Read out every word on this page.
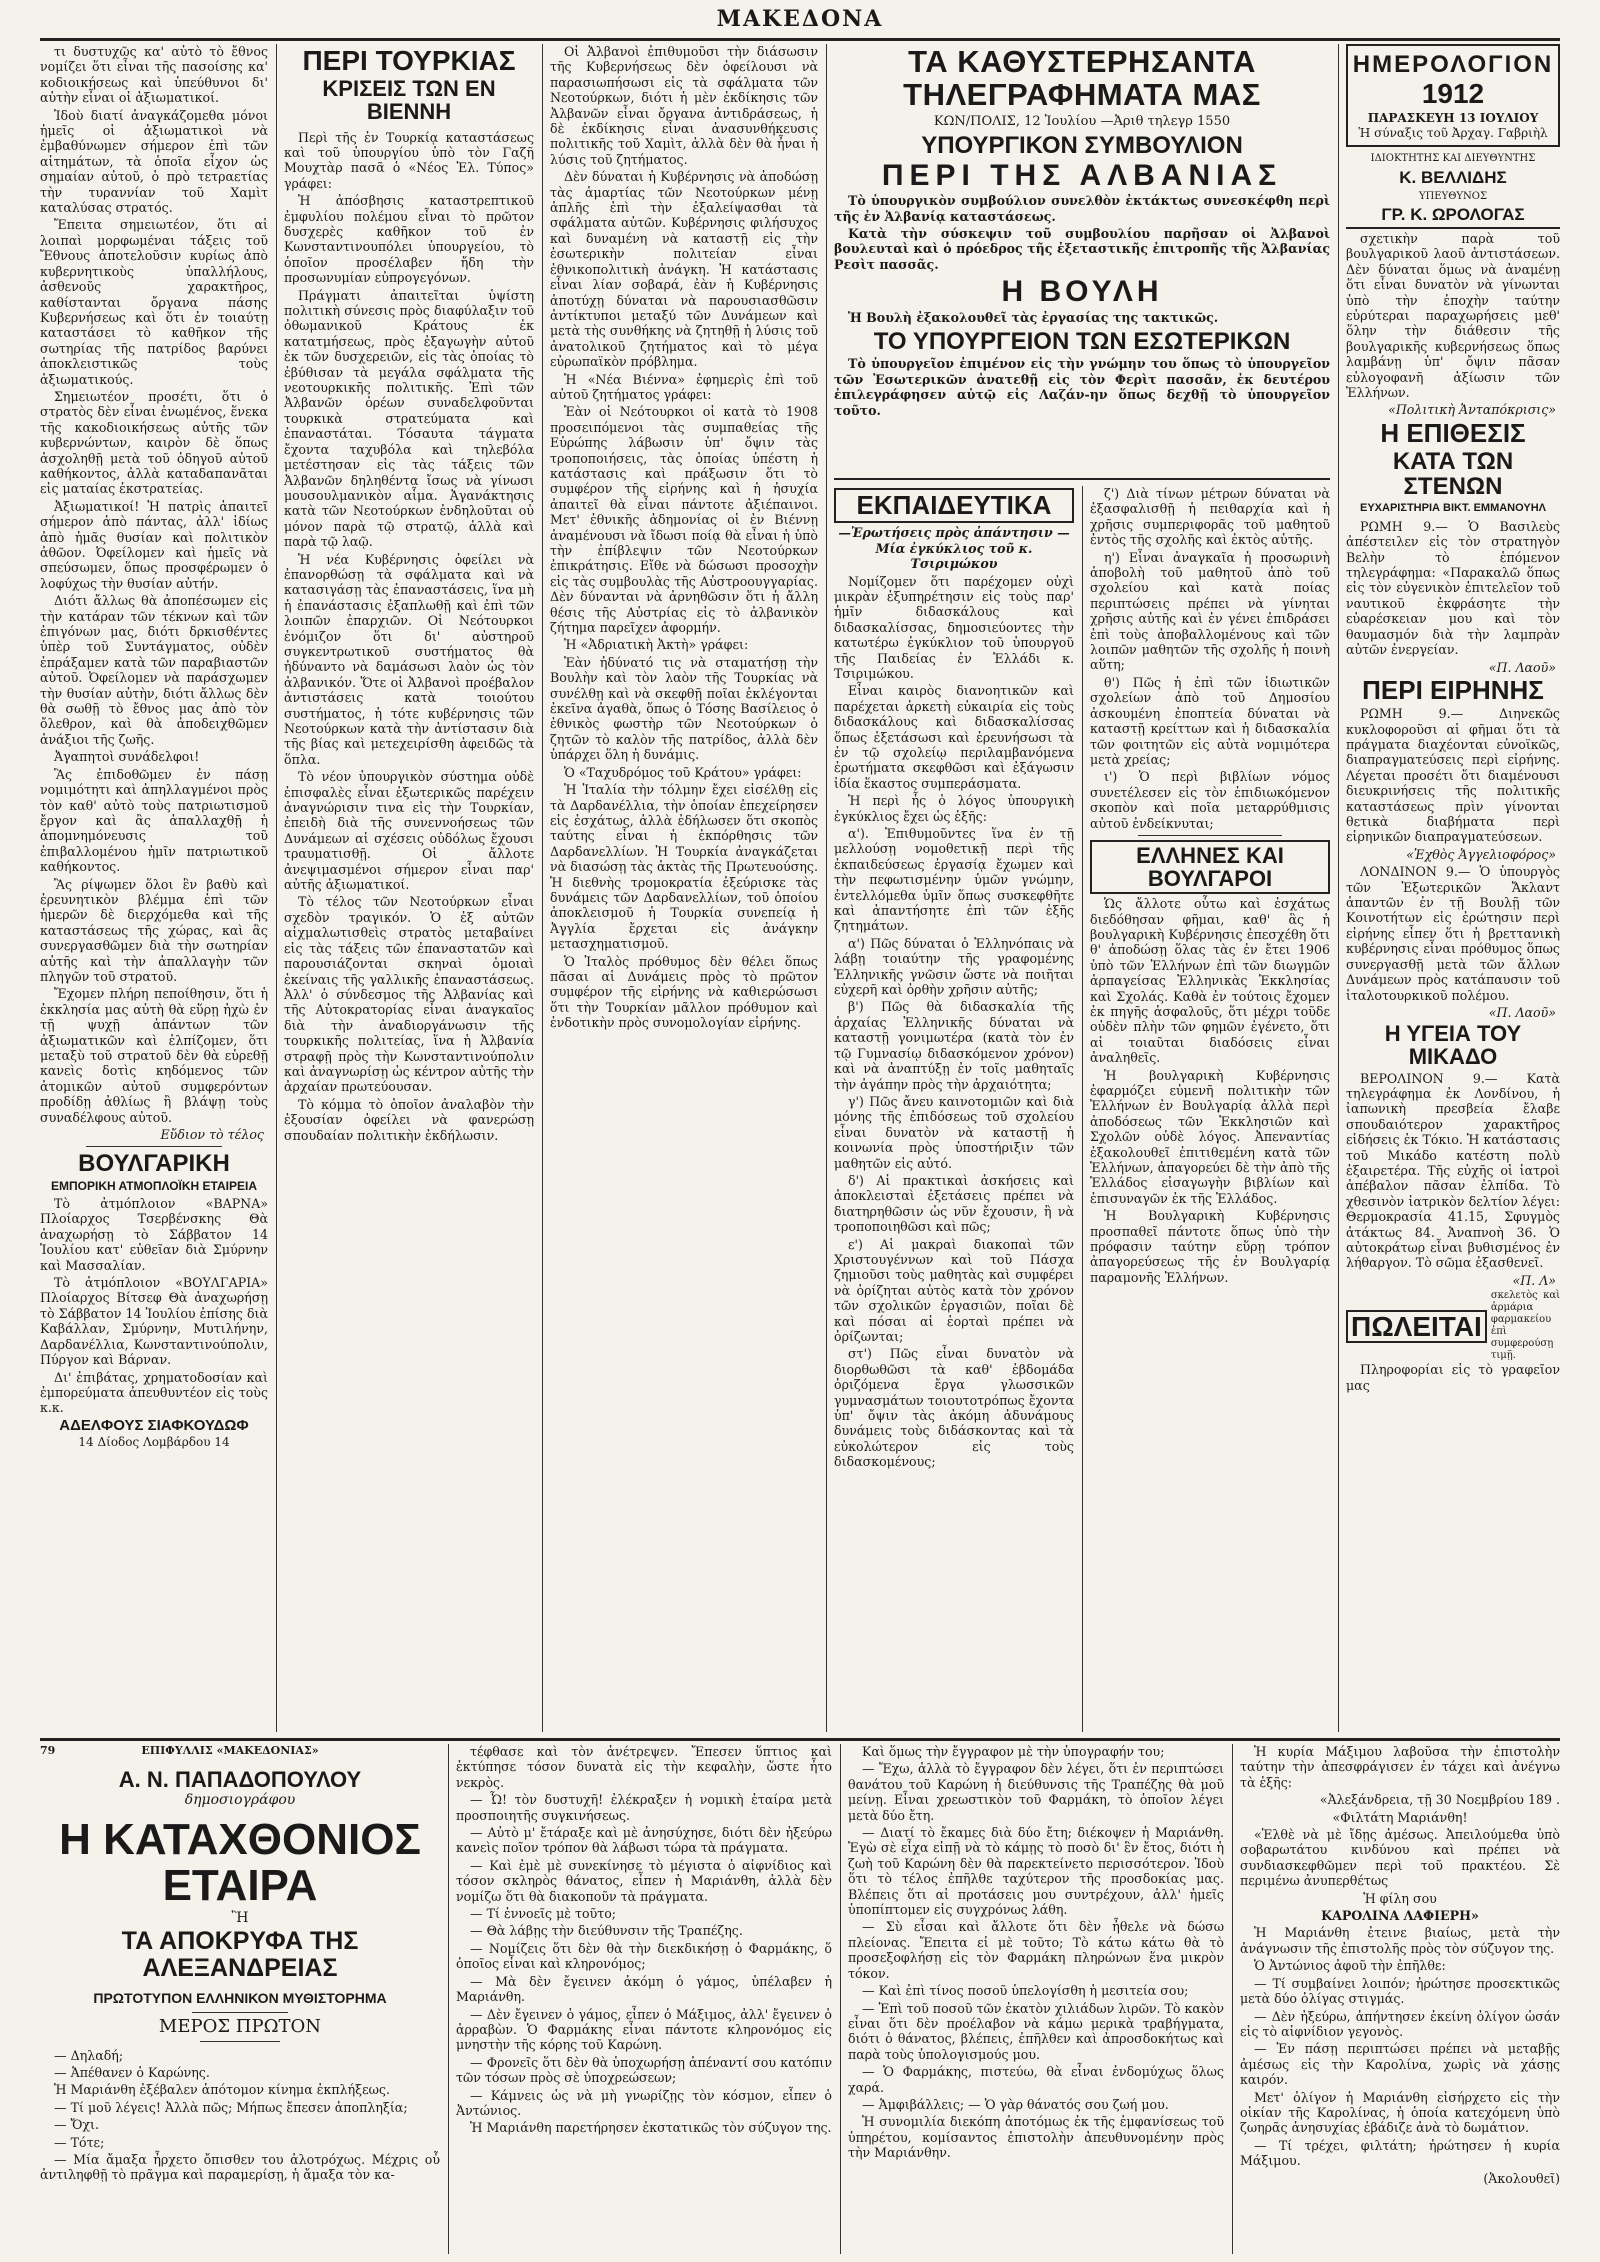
ΜΑΚΕΔΟΝΑ

τι δυστυχῶς κα' αὐτὸ τὸ ἔθνος νομίζει ὅτι εἶναι τῆς πασοίσης κα' κοδιοικήσεως καὶ ὑπεύθυνοι δι' αὐτὴν εἶναι οἱ ἀξιωματικοί.

Ἰδοὺ διατί ἀναγκάζομεθα μόνοι ἡμεῖς οἱ ἀξιωματικοὶ νὰ ἐμβαθύνωμεν σήμερον ἐπὶ τῶν αἰτημάτων, τὰ ὁποῖα εἶχον ὡς σημαίαν αὐτοῦ, ὁ πρὸ τετραετίας τὴν τυραννίαν τοῦ Χαμὶτ καταλύσας στρατός.

Ἔπειτα σημειωτέον, ὅτι αἱ λοιπαὶ μορφωμέναι τάξεις τοῦ Ἔθνους ἀποτελοῦσιν κυρίως ἀπὸ κυβερνητικοὺς ὑπαλλήλους, ἀσθενοῦς χαρακτῆρος, καθίστανται ὄργανα πάσης Κυβερνήσεως καὶ ὅτι ἐν τοιαύτῃ καταστάσει τὸ καθῆκον τῆς σωτηρίας τῆς πατρίδος βαρύνει ἀποκλειστικῶς τοὺς ἀξιωματικούς.

Σημειωτέον προσέτι, ὅτι ὁ στρατὸς δὲν εἶναι ἐνωμένος, ἕνεκα τῆς κακοδιοικήσεως αὐτῆς τῶν κυβερνώντων, καιρὸν δὲ ὅπως ἀσχοληθῇ μετὰ τοῦ ὁδηγοῦ αὐτοῦ καθήκοντος, ἀλλὰ καταδαπανᾶται εἰς ματαίας ἐκστρατείας.

Ἀξιωματικοί! Ἡ πατρὶς ἀπαιτεῖ σήμερον ἀπὸ πάντας, ἀλλ' ἰδίως ἀπὸ ἡμᾶς θυσίαν καὶ πολιτικὸν ἀθῶον. Ὀφείλομεν καὶ ἡμεῖς νὰ σπεύσωμεν, ὅπως προσφέρωμεν ὁ λοφύχως τὴν θυσίαν αὐτήν.

Διότι ἄλλως θὰ ἀποπέσωμεν εἰς τὴν κατάραν τῶν τέκνων καὶ τῶν ἐπιγόνων μας, διότι δρκισθέντες ὑπὲρ τοῦ Συντάγματος, οὐδὲν ἐπράξαμεν κατὰ τῶν παραβιαστῶν αὐτοῦ. Ὀφείλομεν νὰ παράσχωμεν τὴν θυσίαν αὐτὴν, διότι ἄλλως δὲν θὰ σωθῇ τὸ ἔθνος μας ἀπὸ τὸν ὄλεθρον, καὶ θὰ ἀποδειχθῶμεν ἀνάξιοι τῆς ζωῆς.

Ἀγαπητοὶ συνάδελφοι!

Ἂς ἐπιδοθῶμεν ἐν πάσῃ νομιμότητι καὶ ἀπηλλαγμένοι πρὸς τὸν καθ' αὐτὸ τοὺς πατριωτισμοῦ ἔργον καὶ ἂς ἀπαλλαχθῇ ἡ ἀπομνημόνευσις τοῦ ἐπιβαλλομένου ἡμῖν πατριωτικοῦ καθήκοντος.

Ἂς ρίψωμεν ὅλοι ἓν βαθὺ καὶ ἐρευνητικὸν βλέμμα ἐπὶ τῶν ἡμερῶν δὲ διερχόμεθα καὶ τῆς καταστάσεως τῆς χώρας, καὶ ἂς συνεργασθῶμεν διὰ τὴν σωτηρίαν αὐτῆς καὶ τὴν ἀπαλλαγὴν τῶν πληγῶν τοῦ στρατοῦ.

Ἔχομεν πλήρη πεποίθησιν, ὅτι ἡ ἐκκλησία μας αὐτὴ θὰ εὕρῃ ἠχὼ ἐν τῇ ψυχῇ ἁπάντων τῶν ἀξιωματικῶν καὶ ἐλπίζομεν, ὅτι μεταξὺ τοῦ στρατοῦ δὲν θὰ εὑρεθῇ κανεὶς δοτὶς κηδόμενος τῶν ἀτομικῶν αὐτοῦ συμφερόντων προδίδῃ ἀθλίως ἢ βλάψῃ τοὺς συναδέλφους αὐτοῦ.

Εὔδιον τὸ τέλος
ΒΟΥΛΓΑΡΙΚΗ
ΕΜΠΟΡΙΚΗ ΑΤΜΟΠΛΟΪΚΗ ΕΤΑΙΡΕΙΑ

Τὸ ἀτμόπλοιον «ΒΑΡΝΑ» Πλοίαρχος Τσερβένσκης Θὰ ἀναχωρήσῃ τὸ Σάββατον 14 Ἰουλίου κατ' εὐθεῖαν διὰ Σμύρνην καὶ Μασσαλίαν.

Τὸ ἀτμόπλοιον «ΒΟΥΛΓΑΡΙΑ» Πλοίαρχος Βίτσεφ Θὰ ἀναχωρήσῃ τὸ Σάββατον 14 Ἰουλίου ἐπίσης διὰ Καβάλλαν, Σμύρνην, Μυτιλήνην, Δαρδανέλλια, Κωνσταντινούπολιν, Πύργον καὶ Βάρναν.

Δι' ἐπιβάτας, χρηματοδοσίαν καὶ ἐμπορεύματα ἀπευθυντέον εἰς τοὺς κ.κ.

ΑΔΕΛΦΟΥΣ ΣΙΑΦΚΟΥΔΩΦ
14 Δίοδος Λομβάρδου 14
ΠΕΡΙ ΤΟΥΡΚΙΑΣ
ΚΡΙΣΕΙΣ ΤΩΝ ΕΝ ΒΙΕΝΝΗ

Περὶ τῆς ἐν Τουρκίᾳ καταστάσεως καὶ τοῦ ὑπουργίου ὑπὸ τὸν Γαζῆ Μουχτὰρ πασᾶ ὁ «Νέος Ἐλ. Τύπος» γράφει:

Ἡ ἀπόσβησις καταστρεπτικοῦ ἐμφυλίου πολέμου εἶναι τὸ πρῶτον δυσχερὲς καθῆκον τοῦ ἐν Κωνσταντινουπόλει ὑπουργείου, τὸ ὁποῖον προσέλαβεν ἤδη τὴν προσωνυμίαν εὐπρογεγόνων.

Πράγματι ἀπαιτεῖται ὑψίστη πολιτικὴ σύνεσις πρὸς διαφύλαξιν τοῦ ὀθωμανικοῦ Κράτους ἐκ κατατμήσεως, πρὸς ἐξαγωγὴν αὐτοῦ ἐκ τῶν δυσχερειῶν, εἰς τὰς ὁποίας τὸ ἐβύθισαν τὰ μεγάλα σφάλματα τῆς νεοτουρκικῆς πολιτικῆς. Ἐπὶ τῶν Ἀλβανῶν ὁρέων συναδελφοῦνται τουρκικὰ στρατεύματα καὶ ἐπαναστάται. Τόσαυτα τάγματα ἔχοντα ταχυβόλα καὶ τηλεβόλα μετέστησαν εἰς τὰς τάξεις τῶν Ἀλβανῶν δηληθέντα ἴσως νὰ γίνωσι μουσουλμανικὸν αἷμα. Ἀγανάκτησις κατὰ τῶν Νεοτούρκων ἐνδηλοῦται οὐ μόνον παρὰ τῷ στρατῷ, ἀλλὰ καὶ παρὰ τῷ λαῷ.

Ἡ νέα Κυβέρνησις ὀφείλει νὰ ἐπανορθώσῃ τὰ σφάλματα καὶ νὰ κατασιγάσῃ τὰς ἐπαναστάσεις, ἵνα μὴ ἡ ἐπανάστασις ἐξαπλωθῇ καὶ ἐπὶ τῶν λοιπῶν ἐπαρχιῶν. Οἱ Νεότουρκοι ἐνόμιζον ὅτι δι' αὐστηροῦ συγκεντρωτικοῦ συστήματος θὰ ἠδύναντο νὰ δαμάσωσι λαὸν ὡς τὸν ἀλβανικόν. Ὅτε οἱ Ἀλβανοὶ προέβαλον ἀντιστάσεις κατὰ τοιούτου συστήματος, ἡ τότε κυβέρνησις τῶν Νεοτούρκων κατὰ τὴν ἀντίστασιν διὰ τῆς βίας καὶ μετεχειρίσθη ἀφειδῶς τὰ ὅπλα.

Τὸ νέον ὑπουργικὸν σύστημα οὐδὲ ἐπισφαλὲς εἶναι ἐξωτερικῶς παρέχειν ἀναγνώρισιν τινα εἰς τὴν Τουρκίαν, ἐπειδὴ διὰ τῆς συνεννοήσεως τῶν Δυνάμεων αἱ σχέσεις οὐδόλως ἔχουσι τραυματισθῇ. Οἱ ἄλλοτε ἀνεψιμασμένοι σήμερον εἶναι παρ' αὐτῆς ἀξιωματικοί.

Τὸ τέλος τῶν Νεοτούρκων εἶναι σχεδὸν τραγικόν. Ὁ ἐξ αὐτῶν αἰχμαλωτισθεὶς στρατὸς μεταβαίνει εἰς τὰς τάξεις τῶν ἐπαναστατῶν καὶ παρουσιάζονται σκηναὶ ὁμοιαὶ ἐκείναις τῆς γαλλικῆς ἐπαναστάσεως. Ἀλλ' ὁ σύνδεσμος τῆς Ἀλβανίας καὶ τῆς Αὐτοκρατορίας εἶναι ἀναγκαῖος διὰ τὴν ἀναδιοργάνωσιν τῆς τουρκικῆς πολιτείας, ἵνα ἡ Ἀλβανία στραφῇ πρὸς τὴν Κωνσταντινούπολιν καὶ ἀναγνωρίσῃ ὡς κέντρον αὐτῆς τὴν ἀρχαίαν πρωτεύουσαν.

Τὸ κόμμα τὸ ὁποῖον ἀναλαβὸν τὴν ἐξουσίαν ὀφείλει νὰ φανερώσῃ σπουδαίαν πολιτικὴν ἐκδήλωσιν.

Οἱ Ἀλβανοὶ ἐπιθυμοῦσι τὴν διάσωσιν τῆς Κυβερνήσεως δὲν ὀφείλουσι νὰ παρασιωπήσωσι εἰς τὰ σφάλματα τῶν Νεοτούρκων, διότι ἡ μὲν ἐκδίκησις τῶν Ἀλβανῶν εἶναι ὄργανα ἀντιδράσεως, ἡ δὲ ἐκδίκησις εἶναι ἀνασυνθήκευσις πολιτικῆς τοῦ Χαμὶτ, ἀλλὰ δὲν θὰ ἦναι ἡ λύσις τοῦ ζητήματος.

Δὲν δύναται ἡ Κυβέρνησις νὰ ἀποδώσῃ τὰς ἁμαρτίας τῶν Νεοτούρκων μένῃ ἀπλῆς ἐπὶ τὴν ἐξαλείψασθαι τὰ σφάλματα αὐτῶν. Κυβέρνησις φιλήσυχος καὶ δυναμένη νὰ καταστῇ εἰς τὴν ἐσωτερικὴν πολιτείαν εἶναι ἐθνικοπολιτικὴ ἀνάγκη. Ἡ κατάστασις εἶναι λίαν σοβαρά, ἐὰν ἡ Κυβέρνησις ἀποτύχῃ δύναται νὰ παρουσιασθῶσιν ἀντίκτυποι μεταξύ τῶν Δυνάμεων καὶ μετὰ τὴς συνθήκης νὰ ζητηθῇ ἡ λύσις τοῦ ἀνατολικοῦ ζητήματος καὶ τὸ μέγα εὐρωπαϊκὸν πρόβλημα.

Ἡ «Νέα Βιέννα» ἐφημερὶς ἐπὶ τοῦ αὐτοῦ ζητήματος γράφει:

Ἐὰν οἱ Νεότουρκοι οἱ κατὰ τὸ 1908 προσειπόμενοι τὰς συμπαθείας τῆς Εὐρώπης λάβωσιν ὑπ' ὄψιν τὰς τροποποιήσεις, τὰς ὁποίας ὑπέστη ἡ κατάστασις καὶ πράξωσιν ὅτι τὸ συμφέρον τῆς εἰρήνης καὶ ἡ ἡσυχία ἀπαιτεῖ θὰ εἶναι πάντοτε ἀξιέπαινοι. Μετ' ἐθνικῆς ἀδημονίας οἱ ἐν Βιέννῃ ἀναμένουσι νὰ ἴδωσι ποίᾳ θὰ εἶναι ἡ ὑπὸ τὴν ἐπίβλεψιν τῶν Νεοτούρκων ἐπικράτησις. Εἴθε νὰ δώσωσι προσοχὴν εἰς τὰς συμβουλὰς τῆς Αὐστροουγγαρίας. Δὲν δύνανται νὰ ἀρνηθῶσιν ὅτι ἡ ἄλλη θέσις τῆς Αὐστρίας εἰς τὸ ἀλβανικὸν ζήτημα παρεῖχεν ἀφορμήν.

Ἡ «Ἀδριατικὴ Ἀκτὴ» γράφει:

Ἐὰν ἠδύνατό τις νὰ σταματήσῃ τὴν Βουλὴν καὶ τὸν λαὸν τῆς Τουρκίας νὰ συνέλθῃ καὶ νὰ σκεφθῇ ποῖαι ἐκλέγονται ἐκεῖνα ἀγαθὰ, ὅπως ὁ Τόσης Βασίλειος ὁ ἐθνικὸς φωστὴρ τῶν Νεοτούρκων ὁ ζητῶν τὸ καλὸν τῆς πατρίδος, ἀλλὰ δὲν ὑπάρχει ὅλη ἡ δυνάμις.

Ὁ «Ταχυδρόμος τοῦ Κράτου» γράφει:

Ἡ Ἰταλία τὴν τόλμην ἔχει εἰσέλθῃ εἰς τὰ Δαρδανέλλια, τὴν ὁποίαν ἐπεχείρησεν εἰς ἐσχάτως, ἀλλὰ ἐδήλωσεν ὅτι σκοπὸς ταύτης εἶναι ἡ ἐκπόρθησις τῶν Δαρδανελλίων. Ἡ Τουρκία ἀναγκάζεται νὰ διασώσῃ τὰς ἀκτὰς τῆς Πρωτευούσης. Ἡ διεθνὴς τρομοκρατία ἐξεύρισκε τὰς δυνάμεις τῶν Δαρδανελλίων, τοῦ ὁποίου ἀποκλεισμοῦ ἡ Τουρκία συνεπείᾳ ἡ Ἀγγλία ἔρχεται εἰς ἀνάγκην μετασχηματισμοῦ.

Ὁ Ἰταλὸς πρόθυμος δὲν θέλει ὅπως πᾶσαι αἱ Δυνάμεις πρὸς τὸ πρῶτον συμφέρον τῆς εἰρήνης νὰ καθιερώσωσι ὅτι τὴν Τουρκίαν μᾶλλον πρόθυμον καὶ ἐνδοτικὴν πρὸς συνομολογίαν εἰρήνης.

ΤΑ ΚΑΘΥΣΤΕΡΗΣΑΝΤΑ ΤΗΛΕΓΡΑΦΗΜΑΤΑ ΜΑΣ
ΚΩΝ/ΠΟΛΙΣ, 12 Ἰουλίου —Ἀριθ τηλεγρ 1550
ΥΠΟΥΡΓΙΚΟΝ ΣΥΜΒΟΥΛΙΟΝ
ΠΕΡΙ ΤΗΣ ΑΛΒΑΝΙΑΣ

Τὸ ὑπουργικὸν συμβούλιον συνελθὸν ἐκτάκτως συνεσκέφθη περὶ τῆς ἐν Ἀλβανίᾳ καταστάσεως.

Κατὰ τὴν σύσκεψιν τοῦ συμβουλίου παρῆσαν οἱ Ἀλβανοὶ βουλευταὶ καὶ ὁ πρόεδρος τῆς ἐξεταστικῆς ἐπιτροπῆς τῆς Ἀλβανίας Ρεσὶτ πασσᾶς.

Η ΒΟΥΛΗ

Ἡ Βουλὴ ἐξακολουθεῖ τὰς ἐργασίας της τακτικῶς.

ΤΟ ΥΠΟΥΡΓΕΙΟΝ ΤΩΝ ΕΣΩΤΕΡΙΚΩΝ

Τὸ ὑπουργεῖον ἐπιμένον εἰς τὴν γνώμην του ὅπως τὸ ὑπουργεῖον τῶν Ἐσωτερικῶν ἀνατεθῇ εἰς τὸν Φερὶτ πασσᾶν, ἐκ δευτέρου ἐπιλεγράφησεν αὐτῷ εἰς Λαζάν-ην ὅπως δεχθῇ τὸ ὑπουργεῖον τοῦτο.

ΕΚΠΑΙΔΕΥΤΙΚΑ
—Ἐρωτήσεις πρὸς ἀπάντησιν — Μία ἐγκύκλιος τοῦ κ. Τσιριμώκου

Νομίζομεν ὅτι παρέχομεν οὐχὶ μικρὰν ἐξυπηρέτησιν εἰς τοὺς παρ' ἡμῖν διδασκάλους καὶ διδασκαλίσσας, δημοσιεύοντες τὴν κατωτέρω ἐγκύκλιον τοῦ ὑπουργοῦ τῆς Παιδείας ἐν Ἑλλάδι κ. Τσιριμώκου.

Εἶναι καιρὸς διανοητικῶν καὶ παρέχεται ἀρκετὴ εὐκαιρία εἰς τοὺς διδασκάλους καὶ διδασκαλίσσας ὅπως ἐξετάσωσι καὶ ἐρευνήσωσι τὰ ἐν τῷ σχολείῳ περιλαμβανόμενα ἐρωτήματα σκεφθῶσι καὶ ἐξάγωσιν ἰδία ἕκαστος συμπεράσματα.

Ἡ περὶ ἧς ὁ λόγος ὑπουργικὴ ἐγκύκλιος ἔχει ὡς ἑξῆς:

α'). Ἐπιθυμοῦντες ἵνα ἐν τῇ μελλούσῃ νομοθετικῇ περὶ τῆς ἐκπαιδεύσεως ἐργασίᾳ ἔχωμεν καὶ τὴν πεφωτισμένην ὑμῶν γνώμην, ἐντελλόμεθα ὑμῖν ὅπως συσκεφθῆτε καὶ ἀπαντήσητε ἐπὶ τῶν ἑξῆς ζητημάτων.

α') Πῶς δύναται ὁ Ἑλληνόπαις νὰ λάβῃ τοιαύτην τῆς γραφομένης Ἑλληνικῆς γνῶσιν ὥστε νὰ ποιῆται εὐχερῆ καὶ ὀρθὴν χρῆσιν αὐτῆς;

β') Πῶς θὰ διδασκαλία τῆς ἀρχαίας Ἑλληνικῆς δύναται νὰ καταστῇ γονιμωτέρα (κατὰ τὸν ἐν τῷ Γυμνασίῳ διδασκόμενον χρόνον) καὶ νὰ ἀναπτύξῃ ἐν τοῖς μαθηταῖς τὴν ἀγάπην πρὸς τὴν ἀρχαιότητα;

γ') Πῶς ἄνευ καινοτομιῶν καὶ διὰ μόνης τῆς ἐπιδόσεως τοῦ σχολείου εἶναι δυνατὸν νὰ καταστῇ ἡ κοινωνία πρὸς ὑποστήριξιν τῶν μαθητῶν εἰς αὐτό.

δ') Αἱ πρακτικαὶ ἀσκήσεις καὶ ἀποκλεισταὶ ἐξετάσεις πρέπει νὰ διατηρηθῶσιν ὡς νῦν ἔχουσιν, ἢ νὰ τροποποιηθῶσι καὶ πῶς;

ε') Αἱ μακραὶ διακοπαὶ τῶν Χριστουγέννων καὶ τοῦ Πάσχα ζημιοῦσι τοὺς μαθητὰς καὶ συμφέρει νὰ ὁρίζηται αὐτὸς κατὰ τὸν χρόνον τῶν σχολικῶν ἐργασιῶν, ποῖαι δὲ καὶ πόσαι αἱ ἑορταὶ πρέπει νὰ ὁρίζωνται;

στ') Πῶς εἶναι δυνατὸν νὰ διορθωθῶσι τὰ καθ' ἑβδομάδα ὁριζόμενα ἔργα γλωσσικῶν γυμνασμάτων τοιουτοτρόπως ἔχοντα ὑπ' ὄψιν τὰς ἀκόμη ἀδυνάμους δυνάμεις τοὺς διδάσκοντας καὶ τὰ εὐκολώτερον εἰς τοὺς διδασκομένους;

ζ') Διὰ τίνων μέτρων δύναται νὰ ἐξασφαλισθῇ ἡ πειθαρχία καὶ ἡ χρῆσις συμπεριφορᾶς τοῦ μαθητοῦ ἐντὸς τῆς σχολῆς καὶ ἐκτὸς αὐτῆς.

η') Εἶναι ἀναγκαῖα ἡ προσωρινὴ ἀποβολὴ τοῦ μαθητοῦ ἀπὸ τοῦ σχολείου καὶ κατὰ ποίας περιπτώσεις πρέπει νὰ γίνηται χρῆσις αὐτῆς καὶ ἐν γένει ἐπιδράσει ἐπὶ τοὺς ἀποβαλλομένους καὶ τῶν λοιπῶν μαθητῶν τῆς σχολῆς ἡ ποινὴ αὕτη;

θ') Πῶς ἡ ἐπὶ τῶν ἰδιωτικῶν σχολείων ἀπὸ τοῦ Δημοσίου ἀσκουμένη ἐποπτεία δύναται νὰ καταστῇ κρείττων καὶ ἡ διδασκαλία τῶν φοιτητῶν εἰς αὐτὰ νομιμότερα μετὰ χρείας;

ι') Ὁ περὶ βιβλίων νόμος συνετέλεσεν εἰς τὸν ἐπιδιωκόμενον σκοπὸν καὶ ποῖα μεταρρύθμισις αὐτοῦ ἐνδείκνυται;

ΕΛΛΗΝΕΣ ΚΑΙ ΒΟΥΛΓΑΡΟΙ

Ὡς ἄλλοτε οὗτω καὶ ἐσχάτως διεδόθησαν φῆμαι, καθ' ἃς ἡ βουλγαρικὴ Κυβέρνησις ἐπεσχέθη ὅτι θ' ἀποδώσῃ ὅλας τὰς ἐν ἔτει 1906 ὑπὸ τῶν Ἑλλήνων ἐπὶ τῶν διωγμῶν ἁρπαγείσας Ἑλληνικὰς Ἐκκλησίας καὶ Σχολάς. Καθὰ ἐν τούτοις ἔχομεν ἐκ πηγῆς ἀσφαλοῦς, ὅτι μέχρι τοῦδε οὐδὲν πλὴν τῶν φημῶν ἐγένετο, ὅτι αἱ τοιαῦται διαδόσεις εἶναι ἀναληθεῖς.

Ἡ βουλγαρικὴ Κυβέρνησις ἐφαρμόζει εὐμενῆ πολιτικὴν τῶν Ἑλλήνων ἐν Βουλγαρίᾳ ἀλλὰ περὶ ἀποδόσεως τῶν Ἐκκλησιῶν καὶ Σχολῶν οὐδὲ λόγος. Ἀπεναντίας ἐξακολουθεῖ ἐπιτιθεμένη κατὰ τῶν Ἑλλήνων, ἀπαγορεύει δὲ τὴν ἀπὸ τῆς Ἐλλάδος εἰσαγωγὴν βιβλίων καὶ ἐπισυναγῶν ἐκ τῆς Ἑλλάδος.

Ἡ Βουλγαρικὴ Κυβέρνησις προσπαθεῖ πάντοτε ὅπως ὑπὸ τὴν πρόφασιν ταύτην εὕρῃ τρόπον ἀπαγορεύσεως τῆς ἐν Βουλγαρίᾳ παραμονῆς Ἑλλήνων.

ΗΜΕΡΟΛΟΓΙΟΝ
1912
ΠΑΡΑΣΚΕΥΗ 13 ΙΟΥΛΙΟΥ
Ἡ σύναξις τοῦ Ἀρχαγ. Γαβριὴλ
ΙΔΙΟΚΤΗΤΗΣ ΚΑΙ ΔΙΕΥΘΥΝΤΗΣ
Κ. ΒΕΛΛΙΔΗΣ
ΥΠΕΥΘΥΝΟΣ
ΓΡ. Κ. ΩΡΟΛΟΓΑΣ

σχετικὴν παρὰ τοῦ βουλγαρικοῦ λαοῦ ἀντιστάσεων. Δὲν δύναται ὅμως νὰ ἀναμένῃ ὅτι εἶναι δυνατὸν νὰ γίνωνται ὑπὸ τὴν ἐποχὴν ταύτην εὐρύτεραι παραχωρήσεις μεθ' ὅλην τὴν διάθεσιν τῆς βουλγαρικῆς κυβερνήσεως ὅπως λαμβάνῃ ὑπ' ὄψιν πᾶσαν εὐλογοφανῆ ἀξίωσιν τῶν Ἑλλήνων.

«Πολιτικὴ Ἀνταπόκρισις»
Η ΕΠΙΘΕΣΙΣ
ΚΑΤΑ ΤΩΝ ΣΤΕΝΩΝ
ΕΥΧΑΡΙΣΤΗΡΙΑ ΒΙΚΤ. ΕΜΜΑΝΟΥΗΛ

ΡΩΜΗ 9.— Ὁ Βασιλεὺς ἀπέστειλεν εἰς τὸν στρατηγὸν Βελὴν τὸ ἑπόμενον τηλεγράφημα: «Παρακαλῶ ὅπως εἰς τὸν εὐγενικὸν ἐπιτελεῖον τοῦ ναυτικοῦ ἐκφράσητε τὴν εὐαρέσκειαν μου καὶ τὸν θαυμασμόν διὰ τὴν λαμπρὰν αὐτῶν ἐνεργείαν.

«Π. Λαοῦ»
ΠΕΡΙ ΕΙΡΗΝΗΣ

ΡΩΜΗ 9.— Διηνεκῶς κυκλοφοροῦσι αἱ φῆμαι ὅτι τὰ πράγματα διαχέονται εὐνοϊκῶς, διαπραγματεύσεις περὶ εἰρήνης. Λέγεται προσέτι ὅτι διαμένουσι διευκρινήσεις τῆς πολιτικῆς καταστάσεως πρὶν γίνονται θετικὰ διαβήματα περὶ εἰρηνικῶν διαπραγματεύσεων.

«Ἐχθὸς Ἀγγελιοφόρος»

ΛΟΝΔΙΝΟΝ 9.— Ὁ ὑπουργὸς τῶν Ἐξωτερικῶν Ἄκλαντ ἀπαντῶν ἐν τῇ Βουλῇ τῶν Κοινοτήτων εἰς ἐρώτησιν περὶ εἰρήνης εἶπεν ὅτι ἡ βρεττανικὴ κυβέρνησις εἶναι πρόθυμος ὅπως συνεργασθῇ μετὰ τῶν ἄλλων Δυνάμεων πρὸς κατάπαυσιν τοῦ ἰταλοτουρκικοῦ πολέμου.

«Π. Λαοῦ»
Η ΥΓΕΙΑ ΤΟΥ ΜΙΚΑΔΟ

ΒΕΡΟΛΙΝΟΝ 9.— Κατὰ τηλεγράφημα ἐκ Λονδίνου, ἡ ἰαπωνικὴ πρεσβεία ἔλαβε σπουδαιότερον χαρακτῆρος εἰδήσεις ἐκ Τόκιο. Ἡ κατάστασις τοῦ Μικάδο κατέστη πολὺ ἐξαιρετέρα. Τῆς εὐχῆς οἱ ἰατροὶ ἀπέβαλον πᾶσαν ἐλπίδα. Τὸ χθεσινὸν ἰατρικὸν δελτίον λέγει: Θερμοκρασία 41.15, Σφυγμὸς ἀτάκτως 84. Ἀναπνοὴ 36. Ὁ αὐτοκράτωρ εἶναι βυθισμένος ἐν λήθαργον. Τὸ σῶμα ἐξασθενεῖ.

«Π. Λ»
ΠΩΛΕΙΤΑΙ
σκελετὸς καὶ ἀρμάρια φαρμακείου ἐπὶ συμφερούσῃ τιμῇ.

Πληροφορίαι εἰς τὸ γραφεῖον μας

79	ΕΠΙΦΥΛΛΙΣ «ΜΑΚΕΔΟΝΙΑΣ»
Α. Ν. ΠΑΠΑΔΟΠΟΥΛΟΥ
δημοσιογράφου
Η ΚΑΤΑΧΘΟΝΙΟΣ ΕΤΑΙΡΑ
Ἢ
ΤΑ ΑΠΟΚΡΥΦΑ ΤΗΣ ΑΛΕΞΑΝΔΡΕΙΑΣ
ΠΡΩΤΟΤΥΠΟΝ ΕΛΛΗΝΙΚΟΝ ΜΥΘΙΣΤΟΡΗΜΑ
ΜΕΡΟΣ ΠΡΩΤΟΝ

— Δηλαδή;

— Ἀπέθανεν ὁ Καρώνης.

Ἡ Μαριάνθη ἐξέβαλεν ἀπότομον κίνημα ἐκπλήξεως.

— Τί μοῦ λέγεις! Ἀλλὰ πῶς; Μήπως ἔπεσεν ἀποπληξία;

— Ὄχι.

— Τότε;

— Μία ἄμαξα ἦρχετο ὄπισθεν του ἀλοτρόχως. Μέχρις οὗ ἀντιληφθῇ τὸ πρᾶγμα καὶ παραμερίσῃ, ἡ ἄμαξα τὸν κα-

τέφθασε καὶ τὸν ἀνέτρεψεν. Ἔπεσεν ὕπτιος καὶ ἐκτύπησε τόσον δυνατὰ εἰς τὴν κεφαλὴν, ὥστε ἦτο νεκρὸς.

— Ὦ! τὸν δυστυχῆ! ἐλέκραξεν ἡ νομικὴ ἑταίρα μετὰ προσποιητῆς συγκινήσεως.

— Αὐτὸ μ' ἔτάραξε καὶ μὲ ἀνησύχησε, διότι δὲν ἠξεύρω κανεὶς ποῖον τρόπον θὰ λάβωσι τώρα τὰ πράγματα.

— Καὶ ἐμὲ μὲ συνεκίνησε τὸ μέγιστα ὁ αἰφνίδιος καὶ τόσον σκληρὸς θάνατος, εἶπεν ἡ Μαριάνθη, ἀλλὰ δὲν νομίζω ὅτι θὰ διακοποῦν τὰ πράγματα.

— Τί ἐννοεῖς μὲ τοῦτο;

— Θὰ λάβῃς τὴν διεύθυνσιν τῆς Τραπέζης.

— Νομίζεις ὅτι δὲν θὰ τὴν διεκδικήσῃ ὁ Φαρμάκης, ὅ ὁποῖος εἶναι καὶ κληρονόμος;

— Μὰ δὲν ἔγεινεν ἀκόμη ὁ γάμος, ὑπέλαβεν ἡ Μαριάνθη.

— Δὲν ἔγεινεν ὁ γάμος, εἶπεν ὁ Μάξιμος, ἀλλ' ἔγεινεν ὁ ἀρραβὼν. Ὁ Φαρμάκης εἶναι πάντοτε κληρονόμος εἰς μνηστὴν τῆς κόρης τοῦ Καρώνη.

— Φρονεῖς ὅτι δὲν θὰ ὑποχωρήσῃ ἀπέναντί σου κατόπιν τῶν τόσων πρὸς σὲ ὑποχρεώσεων;

— Κάμνεις ὡς νὰ μὴ γνωρίζῃς τὸν κόσμον, εἶπεν ὁ Ἀντώνιος.

Ἡ Μαριάνθη παρετήρησεν ἐκστατικῶς τὸν σύζυγον της.

Καὶ ὅμως τὴν ἔγγραφον μὲ τὴν ὑπογραφήν του;

— Ἔχω, ἀλλὰ τὸ ἔγγραφον δὲν λέγει, ὅτι ἐν περιπτώσει θανάτου τοῦ Καρώνη ἡ διεύθυνσις τῆς Τραπέζης θὰ μοῦ μείνῃ. Εἶναι χρεωστικὸν τοῦ Φαρμάκη, τὸ ὁποῖον λέγει μετὰ δύο ἔτη.

— Διατί τὸ ἔκαμες διὰ δύο ἔτη; διέκοψεν ἡ Μαριάνθη. Ἐγὼ σὲ εἶχα εἰπῇ νὰ τὸ κάμῃς τὸ ποσὸ δι' ἓν ἔτος, διότι ἡ ζωὴ τοῦ Καρώνη δὲν θὰ παρεκτείνετο περισσότερον. Ἰδοὺ ὅτι τὸ τέλος ἐπῆλθε ταχύτερον τῆς προσδοκίας μας. Βλέπεις ὅτι αἱ προτάσεις μου συντρέχουν, ἀλλ' ἡμεῖς ὑποπίπτομεν εἰς συγχρόνως λάθη.

— Σὺ εἶσαι καὶ ἄλλοτε ὅτι δὲν ἦθελε νὰ δώσω πλείονας. Ἔπειτα εἰ μὲ τοῦτο; Τὸ κάτω κάτω θὰ τὸ προσεξοφλήσῃ εἰς τὸν Φαρμάκη πληρώνων ἕνα μικρὸν τόκον.

— Καὶ ἐπὶ τίνος ποσοῦ ὑπελογίσθη ἡ μεσιτεία σου;

— Ἐπὶ τοῦ ποσοῦ τῶν ἑκατὸν χιλιάδων λιρῶν. Τὸ κακὸν εἶναι ὅτι δὲν προέλαβον νὰ κάμω μερικὰ τραβήγματα, διότι ὁ θάνατος, βλέπεις, ἐπῆλθεν καὶ ἀπροσδοκήτως καὶ παρὰ τοὺς ὑπολογισμούς μου.

— Ὁ Φαρμάκης, πιστεύω, θὰ εἶναι ἐνδομύχως ὅλως χαρά.

— Ἀμφιβάλλεις; — Ὁ γὰρ θάνατός σου ζωή μου.

Ἡ συνομιλία διεκόπη ἀποτόμως ἐκ τῆς ἐμφανίσεως τοῦ ὑπηρέτου, κομίσαντος ἐπιστολὴν ἀπευθυνομένην πρὸς τὴν Μαριάνθην.

Ἡ κυρία Μάξιμου λαβοῦσα τὴν ἐπιστολὴν ταύτην τὴν ἀπεσφράγισεν ἐν τάχει καὶ ἀνέγνω τὰ ἑξῆς:

«Ἀλεξάνδρεια, τῇ 30 Νοεμβρίου 189 .

«Φιλτάτη Μαριάνθη!

«Ἐλθὲ νὰ μὲ ἴδῃς ἀμέσως. Ἀπειλούμεθα ὑπὸ σοβαρωτάτου κινδύνου καὶ πρέπει νὰ συνδιασκεφθῶμεν περὶ τοῦ πρακτέου. Σὲ περιμένω ἀνυπερθέτως

Ἡ φίλη σου

ΚΑΡΟΛΙΝΑ ΛΑΦΙΕΡΗ»

Ἡ Μαριάνθη ἐτεινε βιαίως, μετὰ τὴν ἀνάγνωσιν τῆς ἐπιστολῆς πρὸς τὸν σύζυγον της.

Ὁ Ἀντώνιος ἀφοῦ τὴν ἐπῆλθε:

— Τί συμβαίνει λοιπόν; ἠρώτησε προσεκτικῶς μετὰ δύο ὀλίγας στιγμάς.

— Δὲν ἠξεύρω, ἀπήντησεν ἐκείνη ὀλίγον ὡσάν εἰς τὸ αἰφνίδιον γεγονὸς.

— Ἐν πάσῃ περιπτώσει πρέπει νὰ μεταβῇς ἀμέσως εἰς τὴν Καρολίνα, χωρὶς νὰ χάσῃς καιρόν.

Μετ' ὀλίγον ἡ Μαριάνθη εἰσήρχετο εἰς τὴν οἰκίαν τῆς Καρολίνας, ἡ ὁποία κατεχόμενη ὑπὸ ζωηρᾶς ἀνησυχίας ἐβάδιζε ἀνὰ τὸ δωμάτιον.

— Τί τρέχει, φιλτάτη; ἠρώτησεν ἡ κυρία Μάξιμου.

(Ἀκολουθεῖ)
